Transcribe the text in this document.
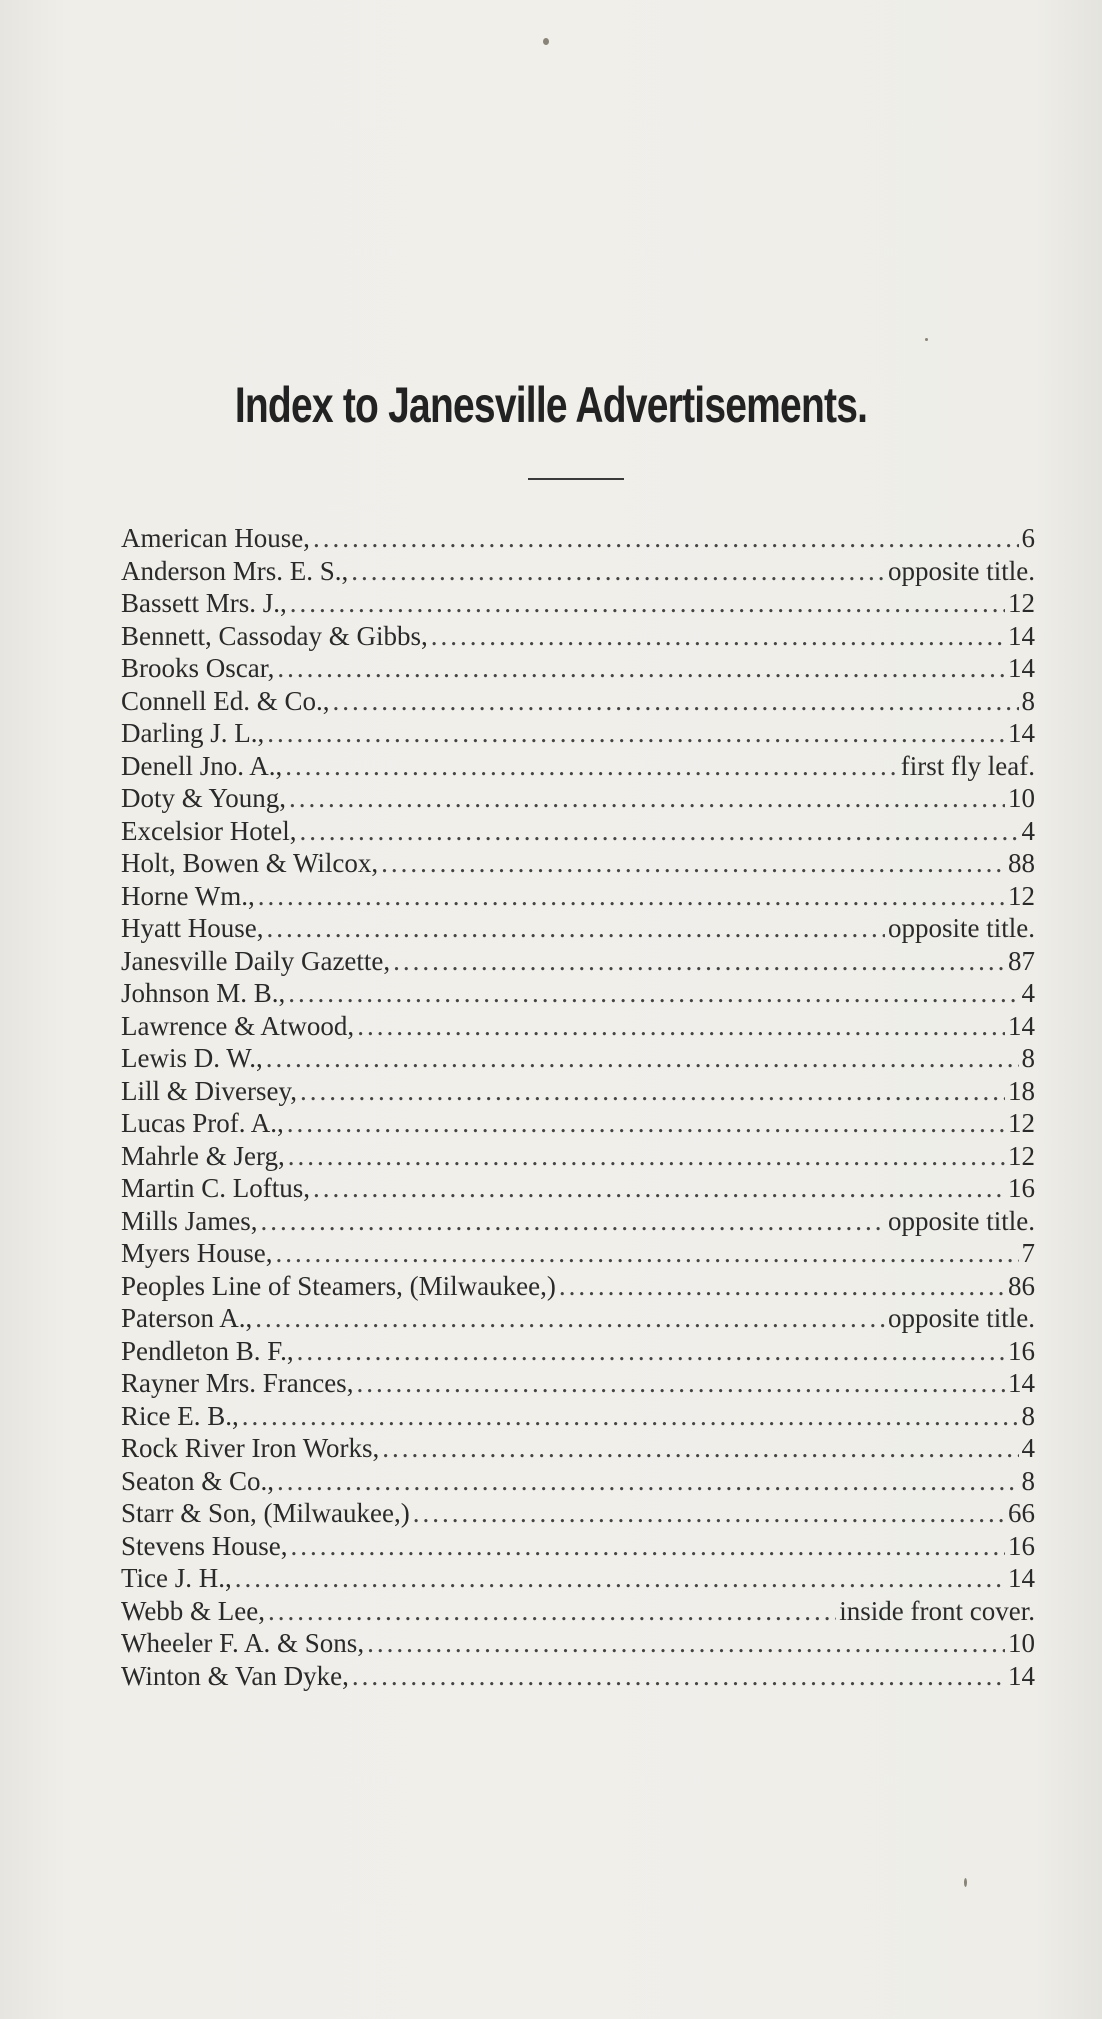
Index to Janesville Advertisements.
American House, .....	6
Anderson Mrs. E. S., .....	opposite title.
Bassett Mrs. J., .....	12
Bennett, Cassoday & Gibbs, .....	14
Brooks Oscar, .....	14
Connell Ed. & Co., .....	8
Darling J. L., .....	14
Denell Jno. A., .....	first fly leaf.
Doty & Young, .....	10
Excelsior Hotel, .....	4
Holt, Bowen & Wilcox, .....	88
Horne Wm., .....	12
Hyatt House, .....	opposite title.
Janesville Daily Gazette, .....	87
Johnson M. B., .....	4
Lawrence & Atwood, .....	14
Lewis D. W., .....	8
Lill & Diversey, .....	18
Lucas Prof. A., .....	12
Mahrle & Jerg, .....	12
Martin C. Loftus, .....	16
Mills James, .....	opposite title.
Myers House, .....	7
Peoples Line of Steamers, (Milwaukee,) .....	86
Paterson A., .....	opposite title.
Pendleton B. F., .....	16
Rayner Mrs. Frances, .....	14
Rice E. B., .....	8
Rock River Iron Works, .....	4
Seaton & Co., .....	8
Starr & Son, (Milwaukee,) .....	66
Stevens House, .....	16
Tice J. H., .....	14
Webb & Lee, .....	inside front cover.
Wheeler F. A. & Sons, .....	10
Winton & Van Dyke, .....	14
